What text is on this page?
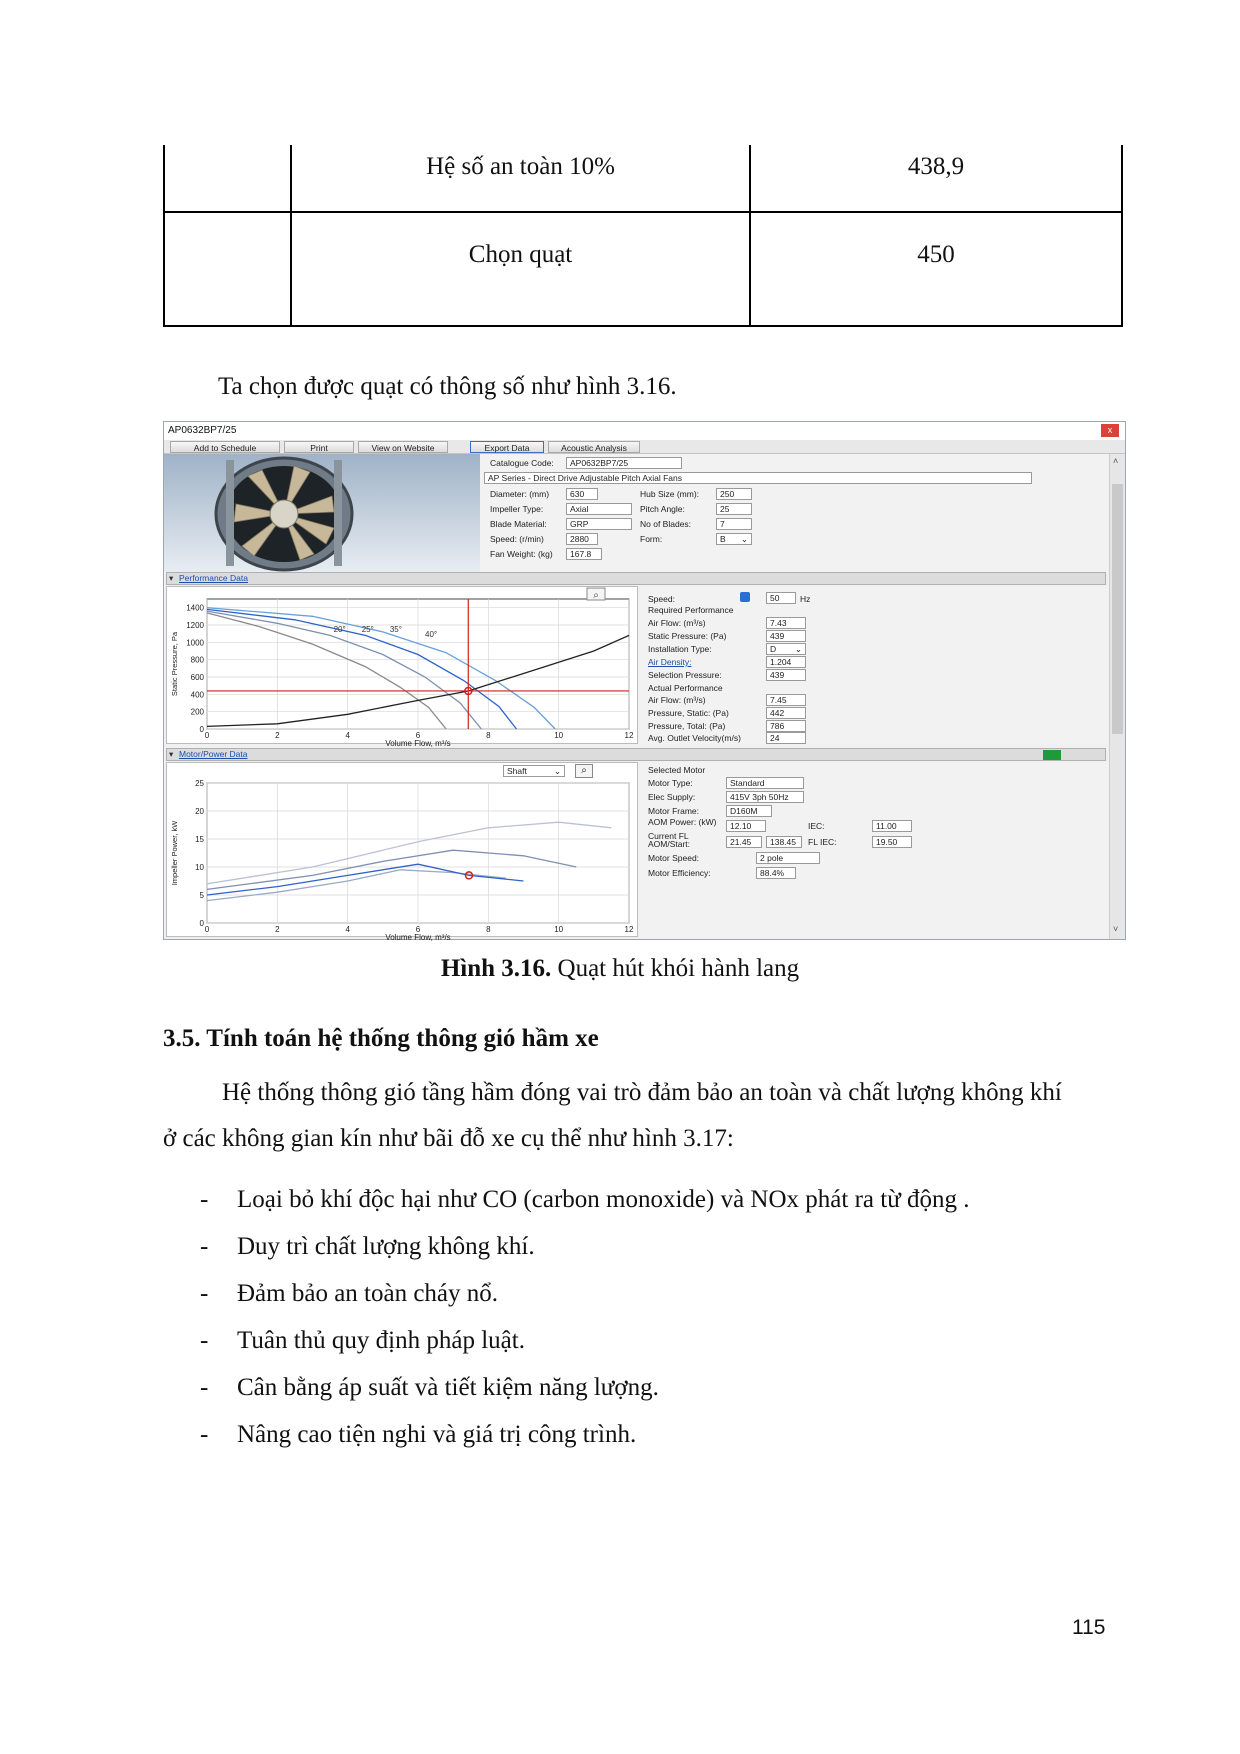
Hệ số an toàn 10%	438,9
Chọn quạt	450

Ta chọn được quạt có thông số như hình 3.16.

AP0632BP7/25	x
Add to Schedule	Print	View on Website	Export Data	Acoustic Analysis
Catalogue Code:	AP0632BP7/25
AP Series - Direct Drive Adjustable Pitch Axial Fans
Diameter: (mm)	630
Impeller Type:	Axial
Blade Material:	GRP
Speed: (r/min)	2880
Fan Weight: (kg)	167.8
Hub Size (mm):	250
Pitch Angle:	25
No of Blades:	7
Form:	B ⌄
▾ Performance Data
0	2	4	6	8	10	12
0
200
400
600
800
1000
1200
1400
Volume Flow, m³/s
Static Pressure, Pa
20° 25° 35°
40°
⌕	Speed:	50	Hz
Required Performance
Air Flow: (m³/s)	7.43
Static Pressure: (Pa)	439
Installation Type:	D ⌄
Air Density:	1.204
Selection Pressure:	439
Actual Performance
Air Flow: (m³/s)	7.45
Pressure, Static: (Pa)	442
Pressure, Total: (Pa)	786
Avg. Outlet Velocity(m/s)	24
▾ Motor/Power Data
0	2	4	6	8	10	12
0
5
10
15
20
25
Volume Flow, m³/s
Impeller Power, kW
Shaft	⌄	⌕	Selected Motor
Motor Type:	Standard
Elec Supply:	415V 3ph 50Hz
Motor Frame:	D160M
AOM Power: (kW)	12.10	IEC:	11.00
Current FL AOM/Start:	21.45	138.45	FL IEC:	19.50
Motor Speed:	2 pole
Motor Efficiency:	88.4%
˄
˅
Hình 3.16. Quạt hút khói hành lang
3.5. Tính toán hệ thống thông gió hầm xe

Hệ thống thông gió tầng hầm đóng vai trò đảm bảo an toàn và chất lượng không khí

ở các không gian kín như bãi đỗ xe cụ thể như hình 3.17:

- Loại bỏ khí độc hại như CO (carbon monoxide) và NOx phát ra từ động .
- Duy trì chất lượng không khí.
- Đảm bảo an toàn cháy nổ.
- Tuân thủ quy định pháp luật.
- Cân bằng áp suất và tiết kiệm năng lượng.
- Nâng cao tiện nghi và giá trị công trình.
115
